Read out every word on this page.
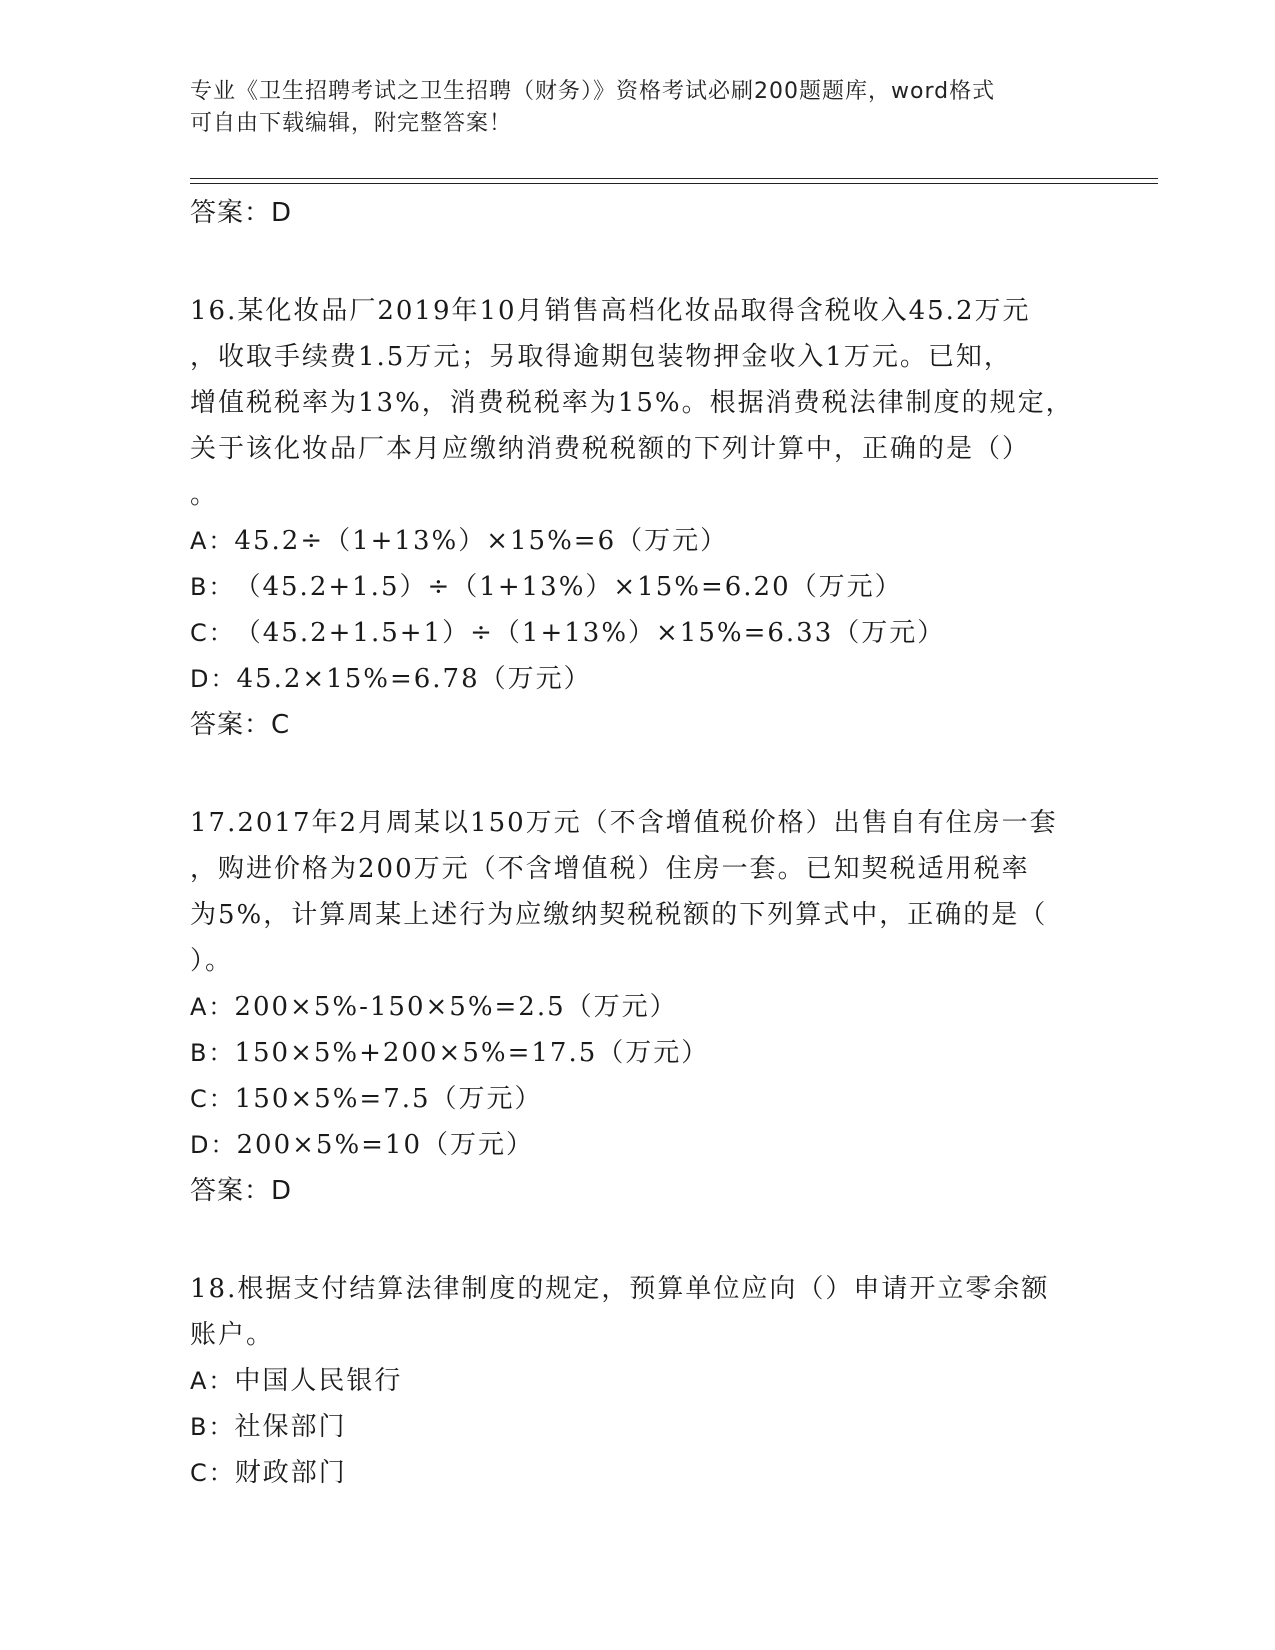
专业《卫生招聘考试之卫生招聘（财务）》资格考试必刷200题题库，word格式
可自由下载编辑，附完整答案！
答案：D
16.某化妆品厂2019年10月销售高档化妆品取得含税收入45.2万元
，收取手续费1.5万元；另取得逾期包装物押金收入1万元。已知，
增值税税率为13%，消费税税率为15%。根据消费税法律制度的规定，
关于该化妆品厂本月应缴纳消费税税额的下列计算中，正确的是（）
。
A：45.2÷（1+13%）×15%=6（万元）
B：（45.2+1.5）÷（1+13%）×15%=6.20（万元）
C：（45.2+1.5+1）÷（1+13%）×15%=6.33（万元）
D：45.2×15%=6.78（万元）
答案：C
17.2017年2月周某以150万元（不含增值税价格）出售自有住房一套
，购进价格为200万元（不含增值税）住房一套。已知契税适用税率
为5%，计算周某上述行为应缴纳契税税额的下列算式中，正确的是（
）。
A：200×5%-150×5%=2.5（万元）
B：150×5%+200×5%=17.5（万元）
C：150×5%=7.5（万元）
D：200×5%=10（万元）
答案：D
18.根据支付结算法律制度的规定，预算单位应向（）申请开立零余额
账户。
A：中国人民银行
B：社保部门
C：财政部门
